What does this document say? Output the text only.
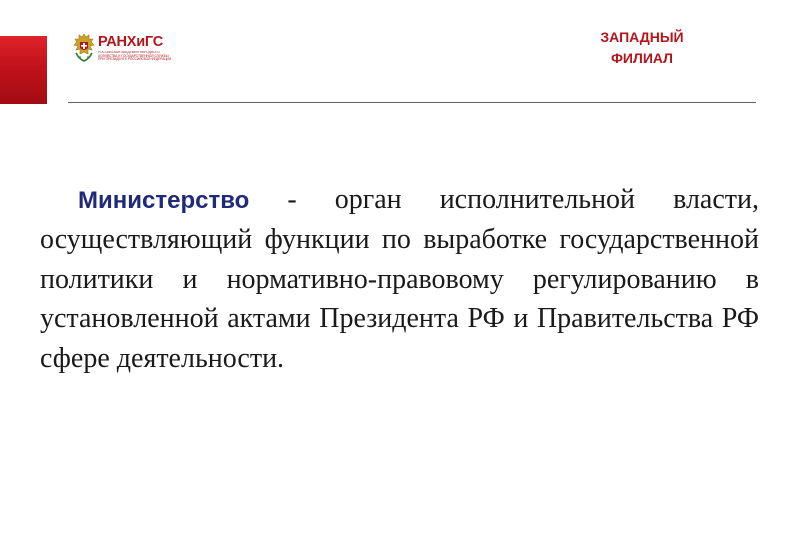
РАНХиГС
РОССИЙСКАЯ АКАДЕМИЯ НАРОДНОГО ХОЗЯЙСТВА И ГОСУДАРСТВЕННОЙ СЛУЖБЫ ПРИ ПРЕЗИДЕНТЕ РОССИЙСКОЙ ФЕДЕРАЦИИ
ЗАПАДНЫЙ
ФИЛИАЛ

Министерство - орган исполнительной власти, осуществляющий функции по выработке государственной политики и нормативно-правовому регулированию в установленной актами Президента РФ и Правительства РФ сфере деятельности.
